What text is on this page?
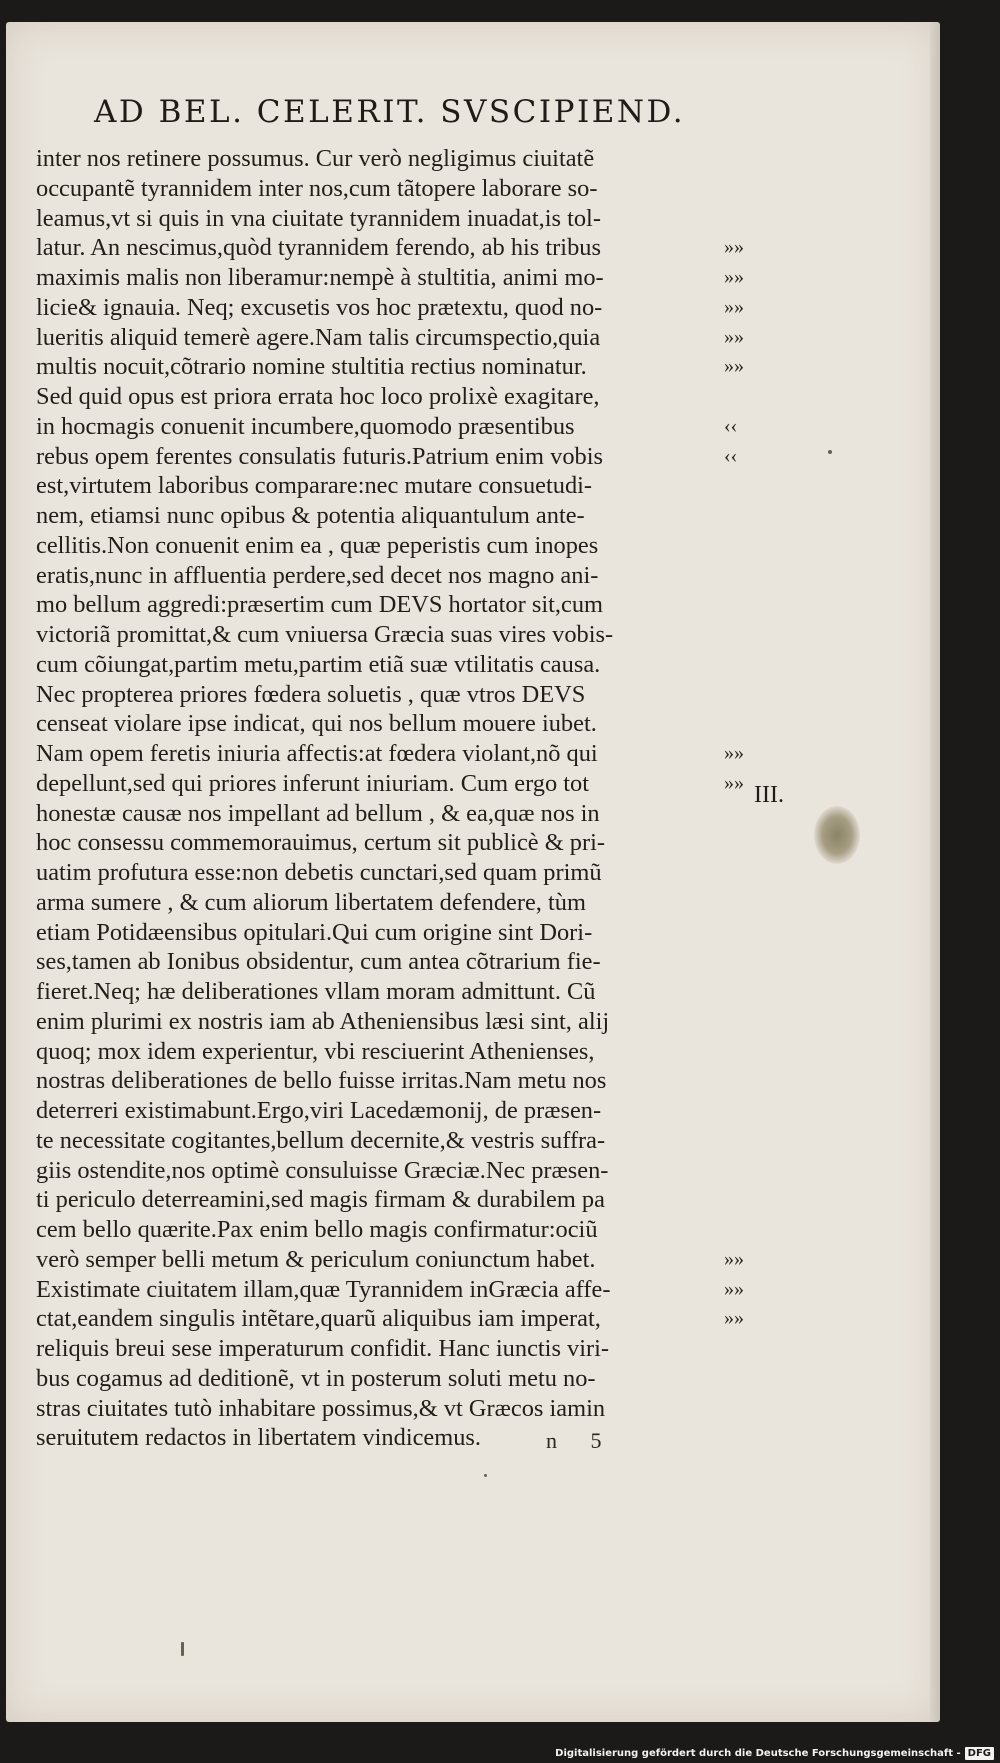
AD BEL. CELERIT. SVSCIPIEND.
inter nos retinere possumus. Cur verò negligimus ciuitatẽ
occupantẽ tyrannidem inter nos,cum tãtopere laborare so-
leamus,vt si quis in vna ciuitate tyrannidem inuadat,is tol-
latur. An nescimus,quòd tyrannidem ferendo, ab his tribus
maximis malis non liberamur:nempè à stultitia, animi mo-
licie& ignauia. Neq; excusetis vos hoc prætextu, quod no-
lueritis aliquid temerè agere.Nam talis circumspectio,quia
multis nocuit,cõtrario nomine stultitia rectius nominatur.
Sed quid opus est priora errata hoc loco prolixè exagitare,
in hocmagis conuenit incumbere,quomodo præsentibus
rebus opem ferentes consulatis futuris.Patrium enim vobis
est,virtutem laboribus comparare:nec mutare consuetudi-
nem, etiamsi nunc opibus & potentia aliquantulum ante-
cellitis.Non conuenit enim ea , quæ peperistis cum inopes
eratis,nunc in affluentia perdere,sed decet nos magno ani-
mo bellum aggredi:præsertim cum DEVS hortator sit,cum
victoriã promittat,& cum vniuersa Græcia suas vires vobis-
cum cõiungat,partim metu,partim etiã suæ vtilitatis causa.
Nec propterea priores fœdera soluetis , quæ vtros DEVS
censeat violare ipse indicat, qui nos bellum mouere iubet.
Nam opem feretis iniuria affectis:at fœdera violant,nõ qui
depellunt,sed qui priores inferunt iniuriam. Cum ergo tot
honestæ causæ nos impellant ad bellum , & ea,quæ nos in
hoc consessu commemorauimus, certum sit publicè & pri-
uatim profutura esse:non debetis cunctari,sed quam primũ
arma sumere , & cum aliorum libertatem defendere, tùm
etiam Potidæensibus opitulari.Qui cum origine sint Dori-
ses,tamen ab Ionibus obsidentur, cum antea cõtrarium fie-
fieret.Neq; hæ deliberationes vllam moram admittunt. Cũ
enim plurimi ex nostris iam ab Atheniensibus læsi sint, alij
quoq; mox idem experientur, vbi resciuerint Athenienses,
nostras deliberationes de bello fuisse irritas.Nam metu nos
deterreri existimabunt.Ergo,viri Lacedæmonij, de præsen-
te necessitate cogitantes,bellum decernite,& vestris suffra-
giis ostendite,nos optimè consuluisse Græciæ.Nec præsen-
ti periculo deterreamini,sed magis firmam & durabilem pa
cem bello quærite.Pax enim bello magis confirmatur:ociũ
verò semper belli metum & periculum coniunctum habet.
Existimate ciuitatem illam,quæ Tyrannidem inGræcia affe-
ctat,eandem singulis intẽtare,quarũ aliquibus iam imperat,
reliquis breui sese imperaturum confidit. Hanc iunctis viri-
bus cogamus ad deditionẽ, vt in posterum soluti metu no-
stras ciuitates tutò inhabitare possimus,& vt Græcos iamin
seruitutem redactos in libertatem vindicemus.
»»
»»
»»
»»
»»
‹‹
‹‹
»»
»»
»»
»»
»»
III.
n 5
Digitalisierung gefördert durch die Deutsche Forschungsgemeinschaft - DFG
